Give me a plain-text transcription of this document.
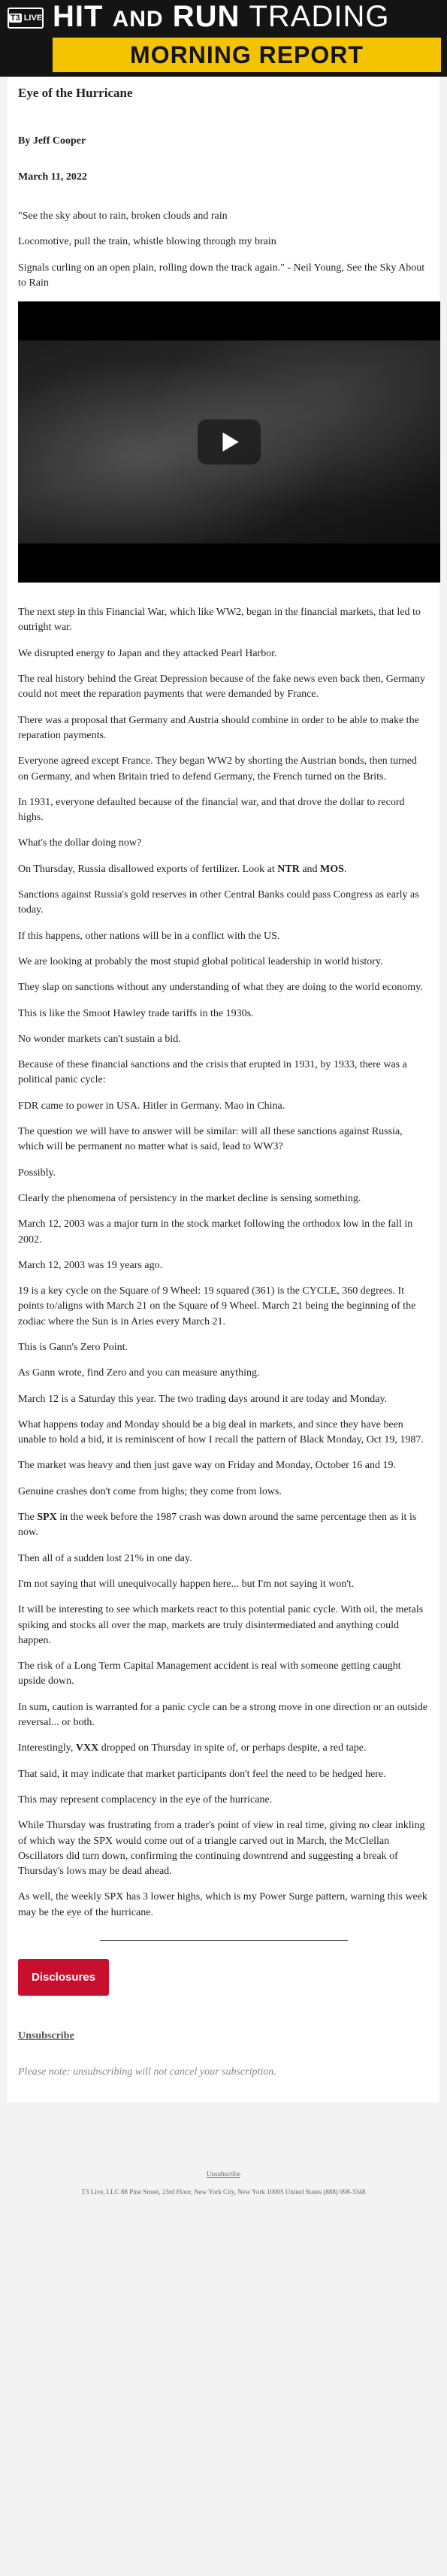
T3 LIVE HIT AND RUN TRADING
MORNING REPORT
Eye of the Hurricane
By Jeff Cooper
March 11, 2022

"See the sky about to rain, broken clouds and rain

Locomotive, pull the train, whistle blowing through my brain

Signals curling on an open plain, rolling down the track again." - Neil Young, See the Sky About to Rain

The next step in this Financial War, which like WW2, began in the financial markets, that led to outright war.

We disrupted energy to Japan and they attacked Pearl Harbor.

The real history behind the Great Depression because of the fake news even back then, Germany could not meet the reparation payments that were demanded by France.

There was a proposal that Germany and Austria should combine in order to be able to make the reparation payments.

Everyone agreed except France. They began WW2 by shorting the Austrian bonds, then turned on Germany, and when Britain tried to defend Germany, the French turned on the Brits.

In 1931, everyone defaulted because of the financial war, and that drove the dollar to record highs.

What's the dollar doing now?

On Thursday, Russia disallowed exports of fertilizer. Look at NTR and MOS.

Sanctions against Russia's gold reserves in other Central Banks could pass Congress as early as today.

If this happens, other nations will be in a conflict with the US.

We are looking at probably the most stupid global political leadership in world history.

They slap on sanctions without any understanding of what they are doing to the world economy.

This is like the Smoot Hawley trade tariffs in the 1930s.

No wonder markets can't sustain a bid.

Because of these financial sanctions and the crisis that erupted in 1931, by 1933, there was a political panic cycle:

FDR came to power in USA. Hitler in Germany. Mao in China.

The question we will have to answer will be similar: will all these sanctions against Russia, which will be permanent no matter what is said, lead to WW3?

Possibly.

Clearly the phenomena of persistency in the market decline is sensing something.

March 12, 2003 was a major turn in the stock market following the orthodox low in the fall in 2002.

March 12, 2003 was 19 years ago.

19 is a key cycle on the Square of 9 Wheel: 19 squared (361) is the CYCLE, 360 degrees. It points to/aligns with March 21 on the Square of 9 Wheel. March 21 being the beginning of the zodiac where the Sun is in Aries every March 21.

This is Gann's Zero Point.

As Gann wrote, find Zero and you can measure anything.

March 12 is a Saturday this year. The two trading days around it are today and Monday.

What happens today and Monday should be a big deal in markets, and since they have been unable to hold a bid, it is reminiscent of how I recall the pattern of Black Monday, Oct 19, 1987.

The market was heavy and then just gave way on Friday and Monday, October 16 and 19.

Genuine crashes don't come from highs; they come from lows.

The SPX in the week before the 1987 crash was down around the same percentage then as it is now.

Then all of a sudden lost 21% in one day.

I'm not saying that will unequivocally happen here... but I'm not saying it won't.

It will be interesting to see which markets react to this potential panic cycle. With oil, the metals spiking and stocks all over the map, markets are truly disintermediated and anything could happen.

The risk of a Long Term Capital Management accident is real with someone getting caught upside down.

In sum, caution is warranted for a panic cycle can be a strong move in one direction or an outside reversal... or both.

Interestingly, VXX dropped on Thursday in spite of, or perhaps despite, a red tape.

That said, it may indicate that market participants don't feel the need to be hedged here.

This may represent complacency in the eye of the hurricane.

While Thursday was frustrating from a trader's point of view in real time, giving no clear inkling of which way the SPX would come out of a triangle carved out in March, the McClellan Oscillators did turn down, confirming the continuing downtrend and suggesting a break of Thursday's lows may be dead ahead.

As well, the weekly SPX has 3 lower highs, which is my Power Surge pattern, warning this week may be the eye of the hurricane.

Disclosures
Unsubscribe

Please note: unsubscribing will not cancel your subscription.

Unsubscribe
T3 Live, LLC 88 Pine Street, 23rd Floor, New York City, New York 10005 United States (888) 998-3348
